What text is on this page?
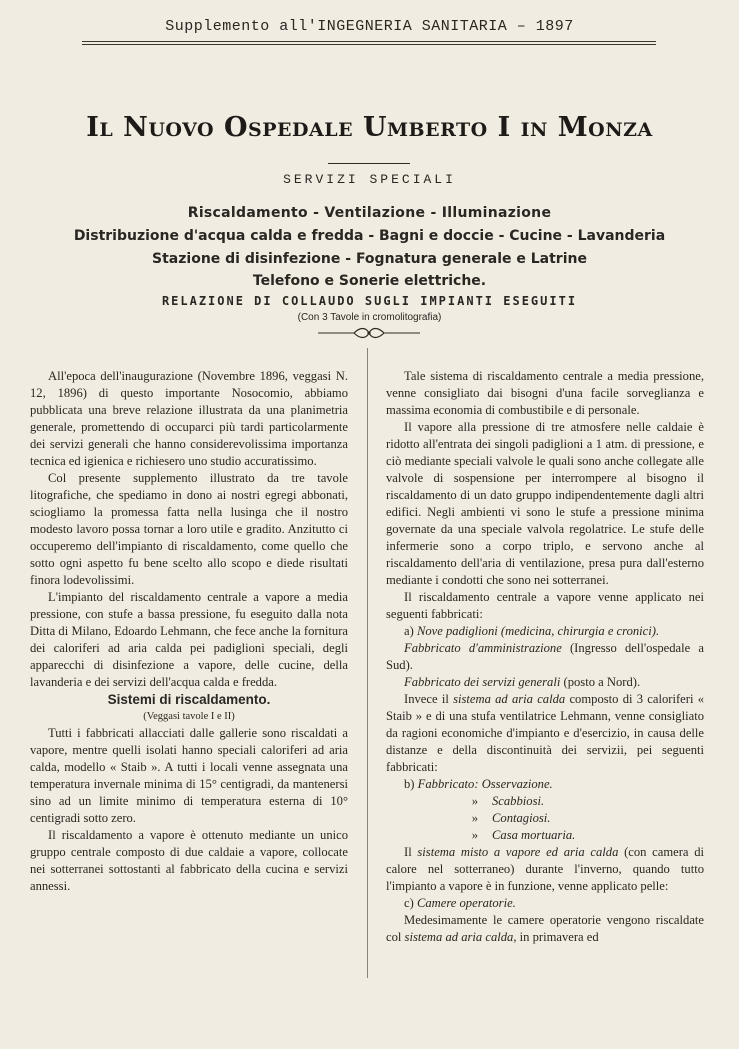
Supplemento all'INGEGNERIA SANITARIA – 1897
Il Nuovo Ospedale Umberto I in Monza
SERVIZI SPECIALI
Riscaldamento - Ventilazione - Illuminazione
Distribuzione d'acqua calda e fredda - Bagni e doccie - Cucine - Lavanderia
Stazione di disinfezione - Fognatura generale e Latrine
Telefono e Sonerie elettriche.
RELAZIONE DI COLLAUDO SUGLI IMPIANTI ESEGUITI
(Con 3 Tavole in cromolitografia)

All'epoca dell'inaugurazione (Novembre 1896, veggasi N. 12, 1896) di questo importante Nosocomio, abbiamo pubblicata una breve relazione illustrata da una planimetria generale, promettendo di occuparci più tardi particolarmente dei servizi generali che hanno considerevolissima importanza tecnica ed igienica e richiesero uno studio accuratissimo.

Col presente supplemento illustrato da tre tavole litografiche, che spediamo in dono ai nostri egregi abbonati, sciogliamo la promessa fatta nella lusinga che il nostro modesto lavoro possa tornar a loro utile e gradito. Anzitutto ci occuperemo dell'impianto di riscaldamento, come quello che sotto ogni aspetto fu bene scelto allo scopo e diede risultati finora lodevolissimi.

L'impianto del riscaldamento centrale a vapore a media pressione, con stufe a bassa pressione, fu eseguito dalla nota Ditta di Milano, Edoardo Lehmann, che fece anche la fornitura dei caloriferi ad aria calda pei padiglioni speciali, degli apparecchi di disinfezione a vapore, delle cucine, della lavanderia e dei servizi dell'acqua calda e fredda.

Sistemi di riscaldamento.

(Veggasi tavole I e II)

Tutti i fabbricati allacciati dalle gallerie sono riscaldati a vapore, mentre quelli isolati hanno speciali caloriferi ad aria calda, modello « Staib ». A tutti i locali venne assegnata una temperatura invernale minima di 15° centigradi, da mantenersi sino ad un limite minimo di temperatura esterna di 10° centigradi sotto zero.

Il riscaldamento a vapore è ottenuto mediante un unico gruppo centrale composto di due caldaie a vapore, collocate nei sotterranei sottostanti al fabbricato della cucina e servizi annessi.

Tale sistema di riscaldamento centrale a media pressione, venne consigliato dai bisogni d'una facile sorveglianza e massima economia di combustibile e di personale.

Il vapore alla pressione di tre atmosfere nelle caldaie è ridotto all'entrata dei singoli padiglioni a 1 atm. di pressione, e ciò mediante speciali valvole le quali sono anche collegate alle valvole di sospensione per interrompere al bisogno il riscaldamento di un dato gruppo indipendentemente dagli altri edifici. Negli ambienti vi sono le stufe a pressione minima governate da una speciale valvola regolatrice. Le stufe delle infermerie sono a corpo triplo, e servono anche al riscaldamento dell'aria di ventilazione, presa pura dall'esterno mediante i condotti che sono nei sotterranei.

Il riscaldamento centrale a vapore venne applicato nei seguenti fabbricati:

a) Nove padiglioni (medicina, chirurgia e cronici).

Fabbricato d'amministrazione (Ingresso dell'ospedale a Sud).

Fabbricato dei servizi generali (posto a Nord).

Invece il sistema ad aria calda composto di 3 caloriferi « Staib » e di una stufa ventilatrice Lehmann, venne consigliato da ragioni economiche d'impianto e d'esercizio, in causa delle distanze e della discontinuità dei servizii, pei seguenti fabbricati:

b) Fabbricato: Osservazione.

»	Scabbiosi.
»	Contagiosi.
»	Casa mortuaria.

Il sistema misto a vapore ed aria calda (con camera di calore nel sotterraneo) durante l'inverno, quando tutto l'impianto a vapore è in funzione, venne applicato pelle:

c) Camere operatorie.

Medesimamente le camere operatorie vengono riscaldate col sistema ad aria calda, in primavera ed
